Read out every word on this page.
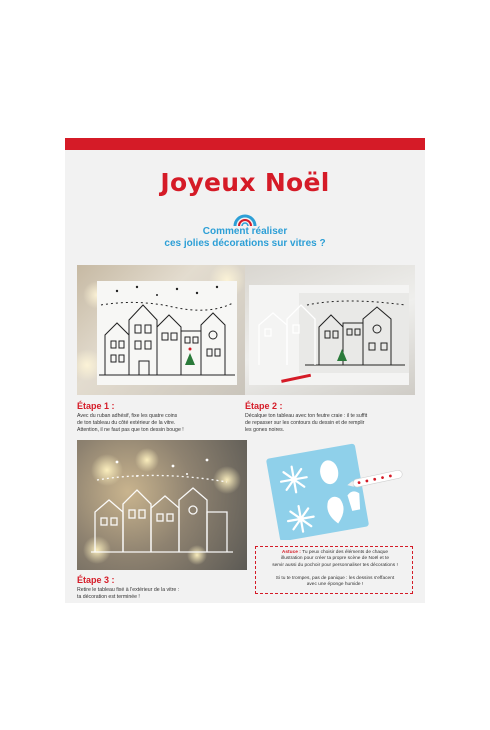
Joyeux Noël
Comment réaliser
ces jolies décorations sur vitres ?
Étape 1 :
Avec du ruban adhésif, fixe les quatre coins
de ton tableau du côté extérieur de la vitre.
Attention, il ne faut pas que ton dessin bouge !
Étape 2 :
Décalque ton tableau avec ton feutre craie : il te suffit
de repasser sur les contours du dessin et de remplir
les gones noires.
Étape 3 :
Retire le tableau fixé à l'extérieur de la vitre :
ta décoration est terminée !
Astuce : Tu peux choisir des éléments de chaque
illustration pour créer ta propre scène de Noël et te
servir aussi du pochoir pour personnaliser tes décorations !
Si tu te trompes, pas de panique : les dessins s'effacent
avec une éponge humide !
